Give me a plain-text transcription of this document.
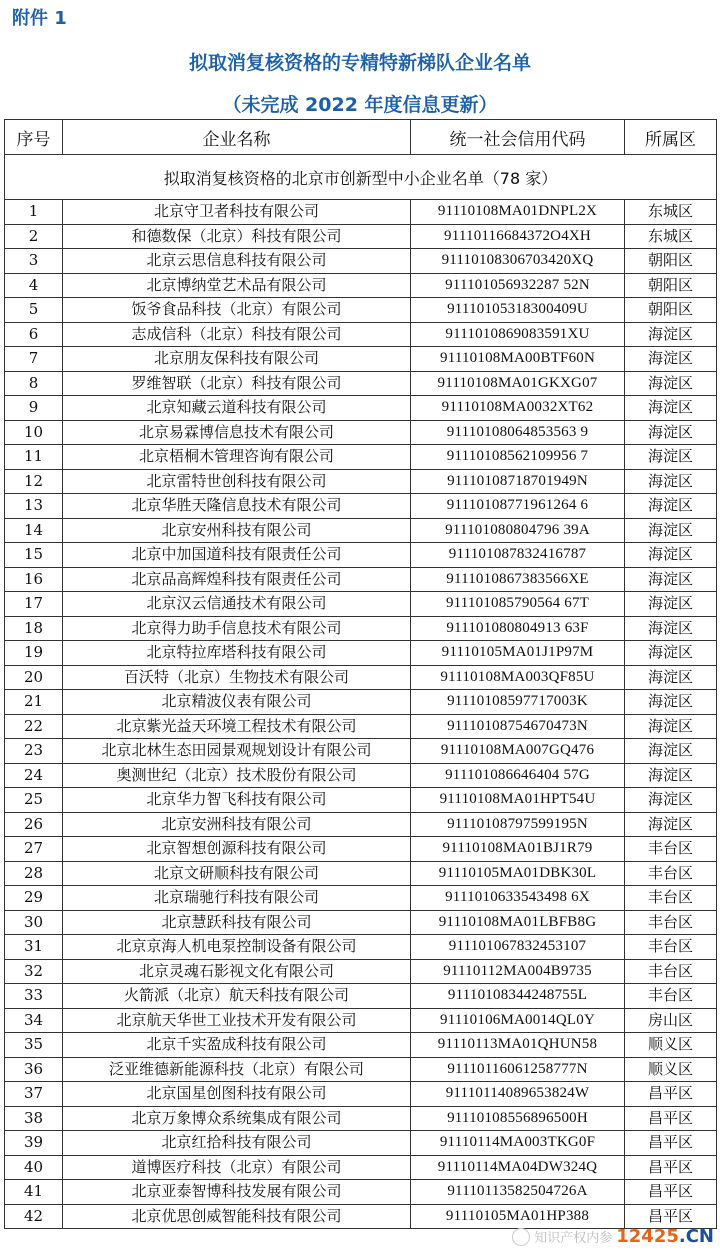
附件 1
拟取消复核资格的专精特新梯队企业名单
（未完成 2022 年度信息更新）
序号	企业名称	统一社会信用代码	所属区
拟取消复核资格的北京市创新型中小企业名单（78 家）			
1	北京守卫者科技有限公司	91110108MA01DNPL2X	东城区
2	和德数保（北京）科技有限公司	91110116684372O4XH	东城区
3	北京云思信息科技有限公司	91110108306703420XQ	朝阳区
4	北京博纳堂艺术品有限公司	911101056932287 52N	朝阳区
5	饭爷食品科技（北京）有限公司	91110105318300409U	朝阳区
6	志成信科（北京）科技有限公司	9111010869083591XU	海淀区
7	北京朋友保科技有限公司	91110108MA00BTF60N	海淀区
8	罗维智联（北京）科技有限公司	91110108MA01GKXG07	海淀区
9	北京知藏云道科技有限公司	91110108MA0032XT62	海淀区
10	北京易霖博信息技术有限公司	91110108064853563 9	海淀区
11	北京梧桐木管理咨询有限公司	91110108562109956 7	海淀区
12	北京雷特世创科技有限公司	91110108718701949N	海淀区
13	北京华胜天隆信息技术有限公司	91110108771961264 6	海淀区
14	北京安州科技有限公司	911101080804796 39A	海淀区
15	北京中加国道科技有限责任公司	911101087832416787	海淀区
16	北京品高辉煌科技有限责任公司	9111010867383566XE	海淀区
17	北京汉云信通技术有限公司	911101085790564 67T	海淀区
18	北京得力助手信息技术有限公司	911101080804913 63F	海淀区
19	北京特拉库塔科技有限公司	91110105MA01J1P97M	海淀区
20	百沃特（北京）生物技术有限公司	91110108MA003QF85U	海淀区
21	北京精波仪表有限公司	91110108597717003K	海淀区
22	北京紫光益天环境工程技术有限公司	91110108754670473N	海淀区
23	北京北林生态田园景观规划设计有限公司	91110108MA007GQ476	海淀区
24	奥测世纪（北京）技术股份有限公司	911101086646404 57G	海淀区
25	北京华力智飞科技有限公司	91110108MA01HPT54U	海淀区
26	北京安洲科技有限公司	91110108797599195N	海淀区
27	北京智想创源科技有限公司	91110108MA01BJ1R79	丰台区
28	北京文研顺科技有限公司	91110105MA01DBK30L	丰台区
29	北京瑞驰行科技有限公司	9111010633543498 6X	丰台区
30	北京慧跃科技有限公司	91110108MA01LBFB8G	丰台区
31	北京京海人机电泵控制设备有限公司	911101067832453107	丰台区
32	北京灵魂石影视文化有限公司	91110112MA004B9735	丰台区
33	火箭派（北京）航天科技有限公司	91110108344248755L	丰台区
34	北京航天华世工业技术开发有限公司	91110106MA0014QL0Y	房山区
35	北京千实盈成科技有限公司	91110113MA01QHUN58	顺义区
36	泛亚维德新能源科技（北京）有限公司	91110116061258777N	顺义区
37	北京国星创图科技有限公司	91110114089653824W	昌平区
38	北京万象博众系统集成有限公司	91110108556896500H	昌平区
39	北京红拾科技有限公司	91110114MA003TKG0F	昌平区
40	道博医疗科技（北京）有限公司	91110114MA04DW324Q	昌平区
41	北京亚泰智博科技发展有限公司	91110113582504726A	昌平区
42	北京优思创威智能科技有限公司	91110105MA01HP388	昌平区
知识产权内参 12425.CN
